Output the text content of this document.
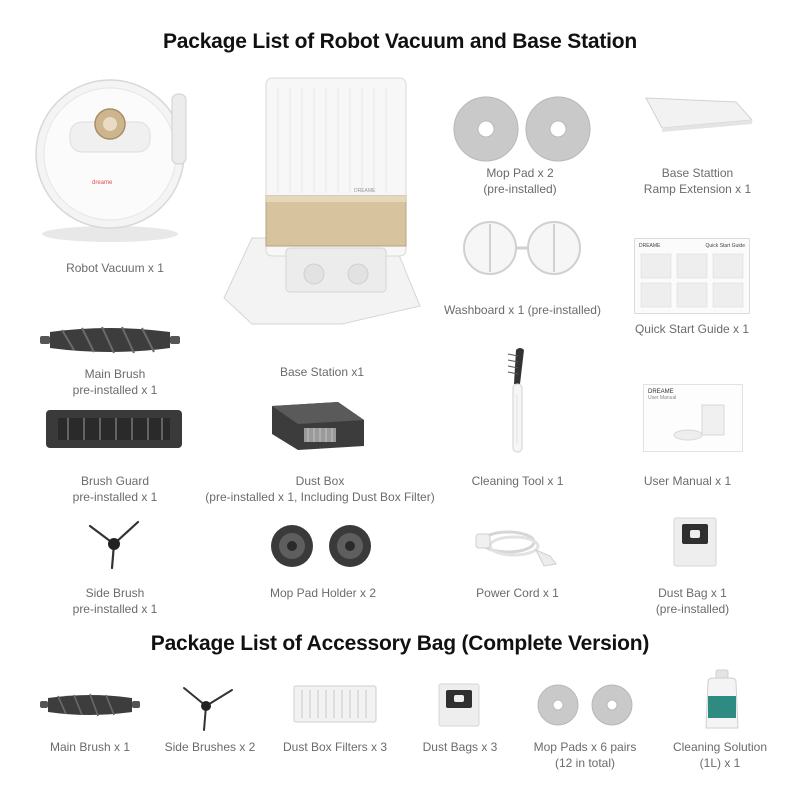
Package List of Robot Vacuum and Base Station
Package List of Accessory Bag (Complete Version)
dreame
Robot Vacuum x 1
DREAME
Base Station x1
Mop Pad x 2
(pre-installed)
Base Stattion
Ramp Extension x 1
Washboard x 1 (pre-installed)
DREAME	Quick Start Guide
Quick Start Guide x 1
Main Brush
pre-installed x 1
Brush Guard
pre-installed x 1
Dust Box
(pre-installed x 1, Including Dust Box Filter)
Cleaning Tool x 1
DREAME
User Manual
User Manual x 1
Side Brush
pre-installed x 1
Mop Pad Holder x 2	Power Cord x 1	Dust Bag x 1
(pre-installed)
Main Brush x 1	Side Brushes x 2	Dust Box Filters x 3	Dust Bags x 3	Mop Pads x 6 pairs
(12 in total)
Cleaning Solution
(1L) x 1
